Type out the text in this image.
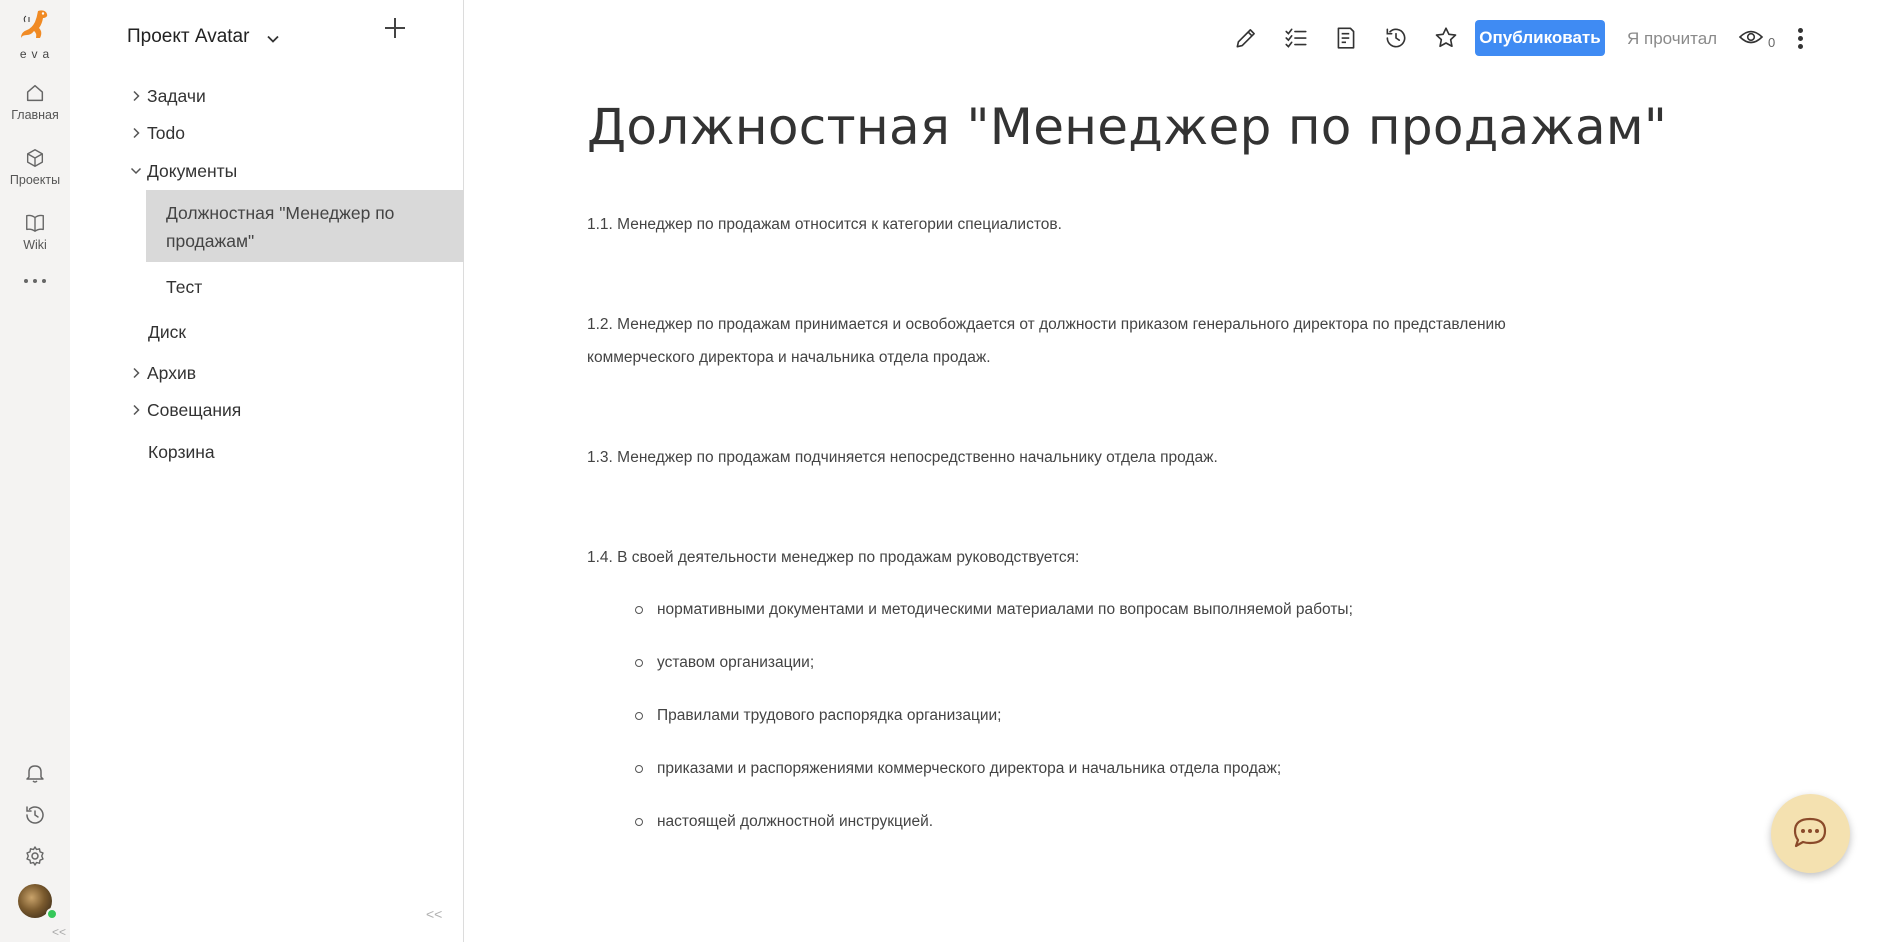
eva
Главная
Проекты
Wiki
<<
Проект Avatar
Задачи
Todo
Документы
Должностная "Менеджер по продажам"
Тест
Диск
Архив
Совещания
Корзина
<<
Опубликовать Я прочитал	0
Должностная "Менеджер по продажам"
1.1. Менеджер по продажам относится к категории специалистов.
1.2. Менеджер по продажам принимается и освобождается от должности приказом генерального директора по представлению коммерческого директора и начальника отдела продаж.
1.3. Менеджер по продажам подчиняется непосредственно начальнику отдела продаж.
1.4. В своей деятельности менеджер по продажам руководствуется:
нормативными документами и методическими материалами по вопросам выполняемой работы;
уставом организации;
Правилами трудового распорядка организации;
приказами и распоряжениями коммерческого директора и начальника отдела продаж;
настоящей должностной инструкцией.
